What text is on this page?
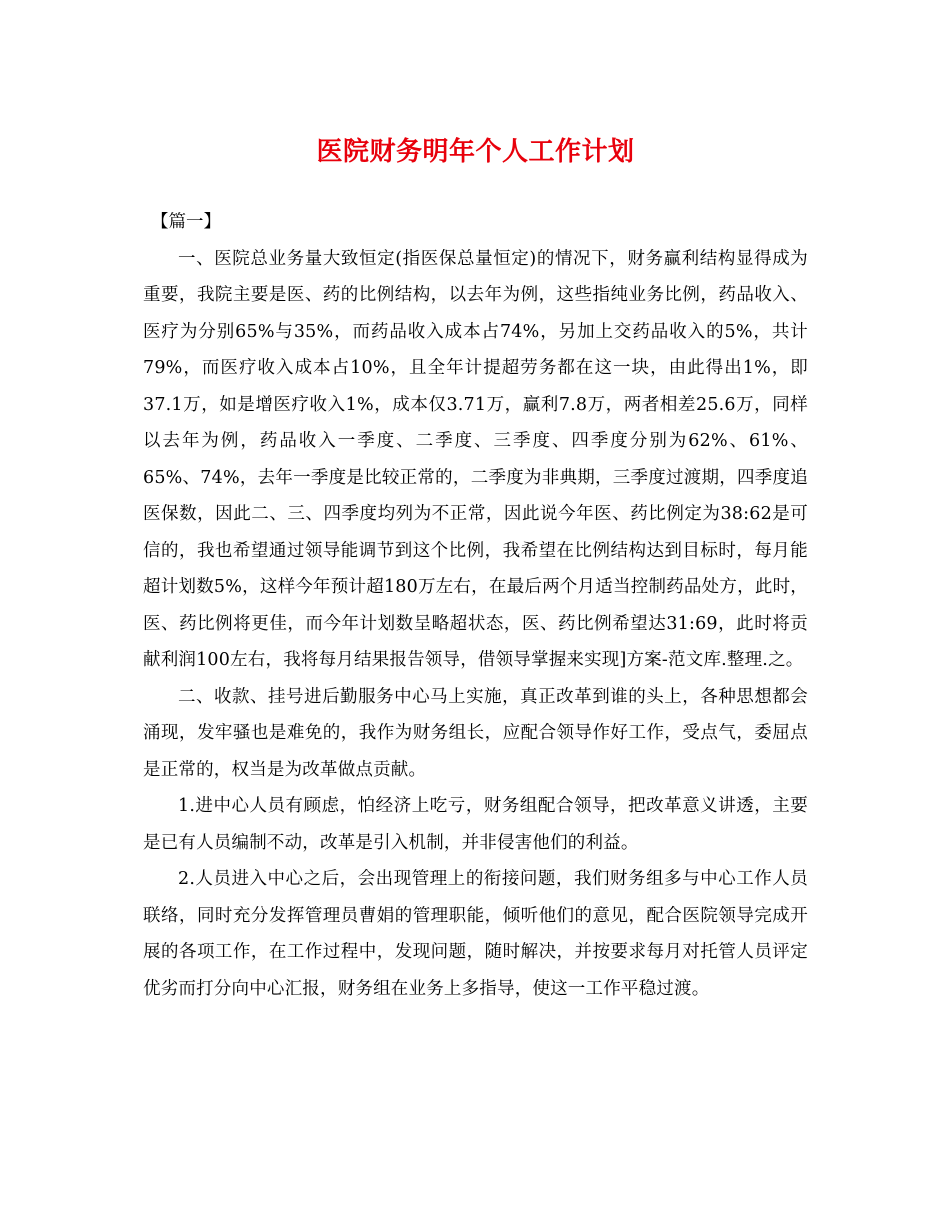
医院财务明年个人工作计划

【篇一】

一、医院总业务量大致恒定(指医保总量恒定)的情况下，财务赢利结构显得成为重要，我院主要是医、药的比例结构，以去年为例，这些指纯业务比例，药品收入、医疗为分别65%与35%，而药品收入成本占74%，另加上交药品收入的5%，共计79%，而医疗收入成本占10%，且全年计提超劳务都在这一块，由此得出1%，即37.1万，如是增医疗收入1%，成本仅3.71万，赢利7.8万，两者相差25.6万，同样以去年为例，药品收入一季度、二季度、三季度、四季度分别为62%、61%、65%、74%，去年一季度是比较正常的，二季度为非典期，三季度过渡期，四季度追医保数，因此二、三、四季度均列为不正常，因此说今年医、药比例定为38:62是可信的，我也希望通过领导能调节到这个比例，我希望在比例结构达到目标时，每月能超计划数5%，这样今年预计超180万左右，在最后两个月适当控制药品处方，此时，医、药比例将更佳，而今年计划数呈略超状态，医、药比例希望达31:69，此时将贡献利润100左右，我将每月结果报告领导，借领导掌握来实现]方案-范文库.整理.之。

二、收款、挂号进后勤服务中心马上实施，真正改革到谁的头上，各种思想都会涌现，发牢骚也是难免的，我作为财务组长，应配合领导作好工作，受点气，委屈点是正常的，权当是为改革做点贡献。

1.进中心人员有顾虑，怕经济上吃亏，财务组配合领导，把改革意义讲透，主要是已有人员编制不动，改革是引入机制，并非侵害他们的利益。

2.人员进入中心之后，会出现管理上的衔接问题，我们财务组多与中心工作人员联络，同时充分发挥管理员曹娟的管理职能，倾听他们的意见，配合医院领导完成开展的各项工作，在工作过程中，发现问题，随时解决，并按要求每月对托管人员评定优劣而打分向中心汇报，财务组在业务上多指导，使这一工作平稳过渡。
